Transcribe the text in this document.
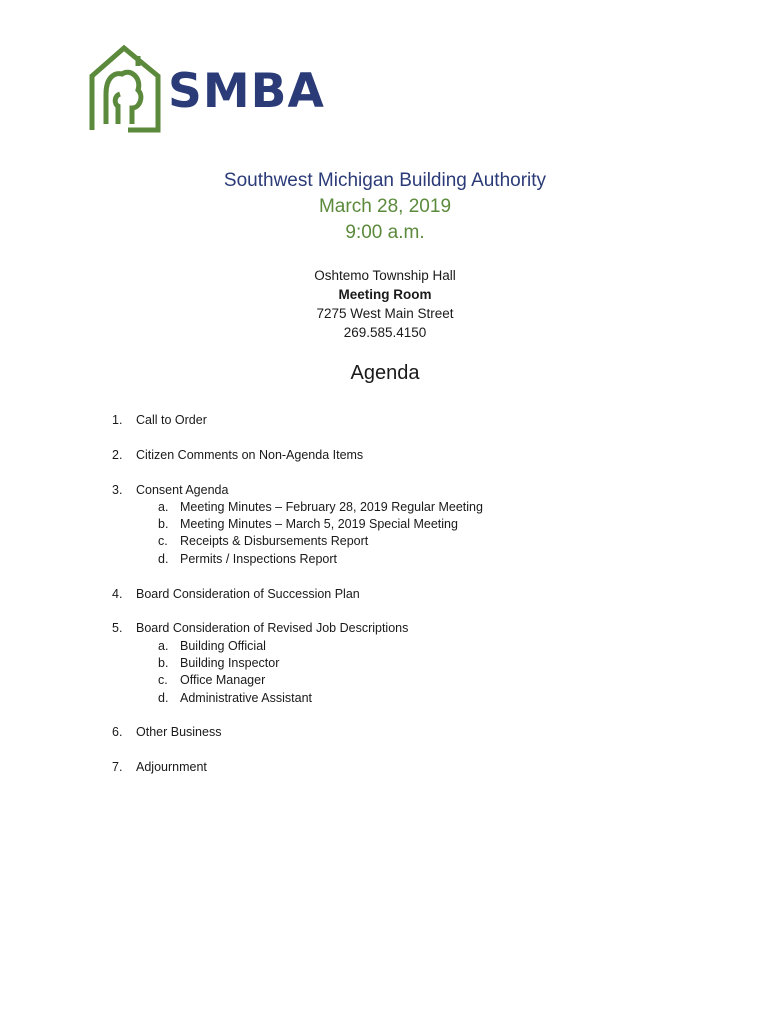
SMBA
Southwest Michigan Building Authority
March 28, 2019
9:00 a.m.
Oshtemo Township Hall
Meeting Room
7275 West Main Street
269.585.4150
Agenda
1.	Call to Order
2.	Citizen Comments on Non-Agenda Items
3.	Consent Agenda
a. Meeting Minutes – February 28, 2019 Regular Meeting
b. Meeting Minutes – March 5, 2019 Special Meeting
c. Receipts & Disbursements Report
d. Permits / Inspections Report
4.	Board Consideration of Succession Plan
5.	Board Consideration of Revised Job Descriptions
a. Building Official
b. Building Inspector
c. Office Manager
d. Administrative Assistant
6.	Other Business
7.	Adjournment
